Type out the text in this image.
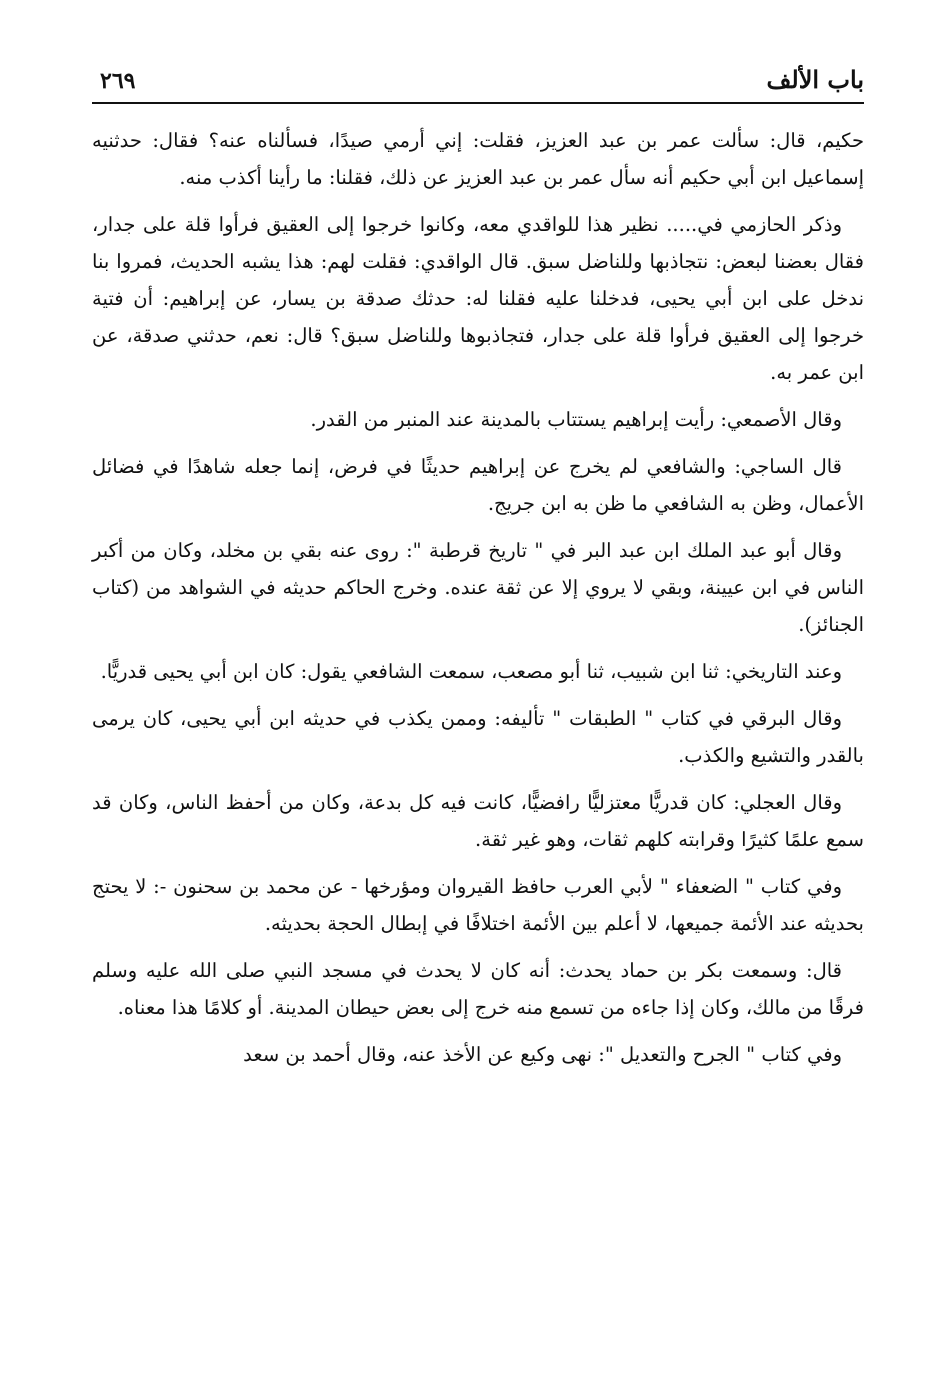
باب الألف
٢٦٩

حكيم، قال: سألت عمر بن عبد العزيز، فقلت: إني أرمي صيدًا، فسألناه عنه؟ فقال: حدثنيه إسماعيل ابن أبي حكيم أنه سأل عمر بن عبد العزيز عن ذلك، فقلنا: ما رأينا أكذب منه.

وذكر الحازمي في..... نظير هذا للواقدي معه، وكانوا خرجوا إلى العقيق فرأوا قلة على جدار، فقال بعضنا لبعض: نتجاذبها وللناضل سبق. قال الواقدي: فقلت لهم: هذا يشبه الحديث، فمروا بنا ندخل على ابن أبي يحيى، فدخلنا عليه فقلنا له: حدثك صدقة بن يسار، عن إبراهيم: أن فتية خرجوا إلى العقيق فرأوا قلة على جدار، فتجاذبوها وللناضل سبق؟ قال: نعم، حدثني صدقة، عن ابن عمر به.

وقال الأصمعي: رأيت إبراهيم يستتاب بالمدينة عند المنبر من القدر.

قال الساجي: والشافعي لم يخرج عن إبراهيم حديثًا في فرض، إنما جعله شاهدًا في فضائل الأعمال، وظن به الشافعي ما ظن به ابن جريج.

وقال أبو عبد الملك ابن عبد البر في " تاريخ قرطبة ": روى عنه بقي بن مخلد، وكان من أكبر الناس في ابن عيينة، وبقي لا يروي إلا عن ثقة عنده. وخرج الحاكم حديثه في الشواهد من (كتاب الجنائز).

وعند التاريخي: ثنا ابن شبيب، ثنا أبو مصعب، سمعت الشافعي يقول: كان ابن أبي يحيى قدريًّا.

وقال البرقي في كتاب " الطبقات " تأليفه: وممن يكذب في حديثه ابن أبي يحيى، كان يرمى بالقدر والتشيع والكذب.

وقال العجلي: كان قدريًّا معتزليًّا رافضيًّا، كانت فيه كل بدعة، وكان من أحفظ الناس، وكان قد سمع علمًا كثيرًا وقرابته كلهم ثقات، وهو غير ثقة.

وفي كتاب " الضعفاء " لأبي العرب حافظ القيروان ومؤرخها - عن محمد بن سحنون -: لا يحتج بحديثه عند الأئمة جميعها، لا أعلم بين الأئمة اختلافًا في إبطال الحجة بحديثه.

قال: وسمعت بكر بن حماد يحدث: أنه كان لا يحدث في مسجد النبي صلى الله عليه وسلم فرقًا من مالك، وكان إذا جاءه من تسمع منه خرج إلى بعض حيطان المدينة. أو كلامًا هذا معناه.

وفي كتاب " الجرح والتعديل ": نهى وكيع عن الأخذ عنه، وقال أحمد بن سعد
